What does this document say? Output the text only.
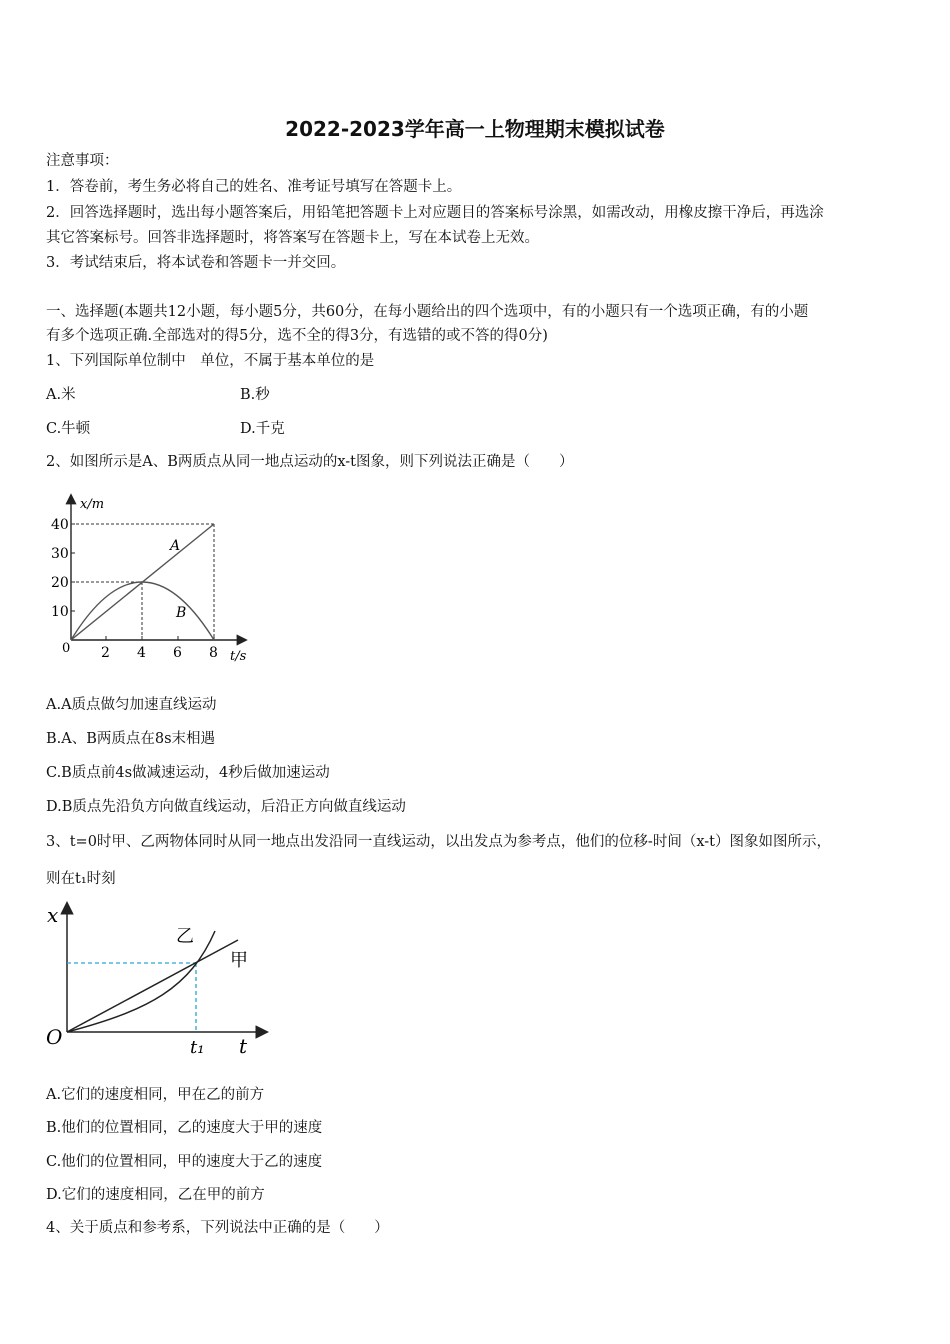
2022-2023学年高一上物理期末模拟试卷
注意事项：
1．答卷前，考生务必将自己的姓名、准考证号填写在答题卡上。
2．回答选择题时，选出每小题答案后，用铅笔把答题卡上对应题目的答案标号涂黑，如需改动，用橡皮擦干净后，再选涂
其它答案标号。回答非选择题时，将答案写在答题卡上，写在本试卷上无效。
3．考试结束后，将本试卷和答题卡一并交回。
一、选择题(本题共12小题，每小题5分，共60分，在每小题给出的四个选项中，有的小题只有一个选项正确，有的小题
有多个选项正确.全部选对的得5分，选不全的得3分，有选错的或不答的得0分)
1、下列国际单位制中　单位，不属于基本单位的是
A.米	B.秒
C.牛顿	D.千克
2、如图所示是A、B两质点从同一地点运动的x-t图象，则下列说法正确是（　　）
x/m
t/s
0
10
20
30
40
2 4 6 8
A
B
A.A质点做匀加速直线运动
B.A、B两质点在8s末相遇
C.B质点前4s做减速运动，4秒后做加速运动
D.B质点先沿负方向做直线运动，后沿正方向做直线运动
3、t=0时甲、乙两物体同时从同一地点出发沿同一直线运动，以出发点为参考点，他们的位移-时间（x-t）图象如图所示，
则在t₁时刻
x
t
O	t₁
甲
乙
A.它们的速度相同，甲在乙的前方
B.他们的位置相同，乙的速度大于甲的速度
C.他们的位置相同，甲的速度大于乙的速度
D.它们的速度相同，乙在甲的前方
4、关于质点和参考系，下列说法中正确的是（　　）
